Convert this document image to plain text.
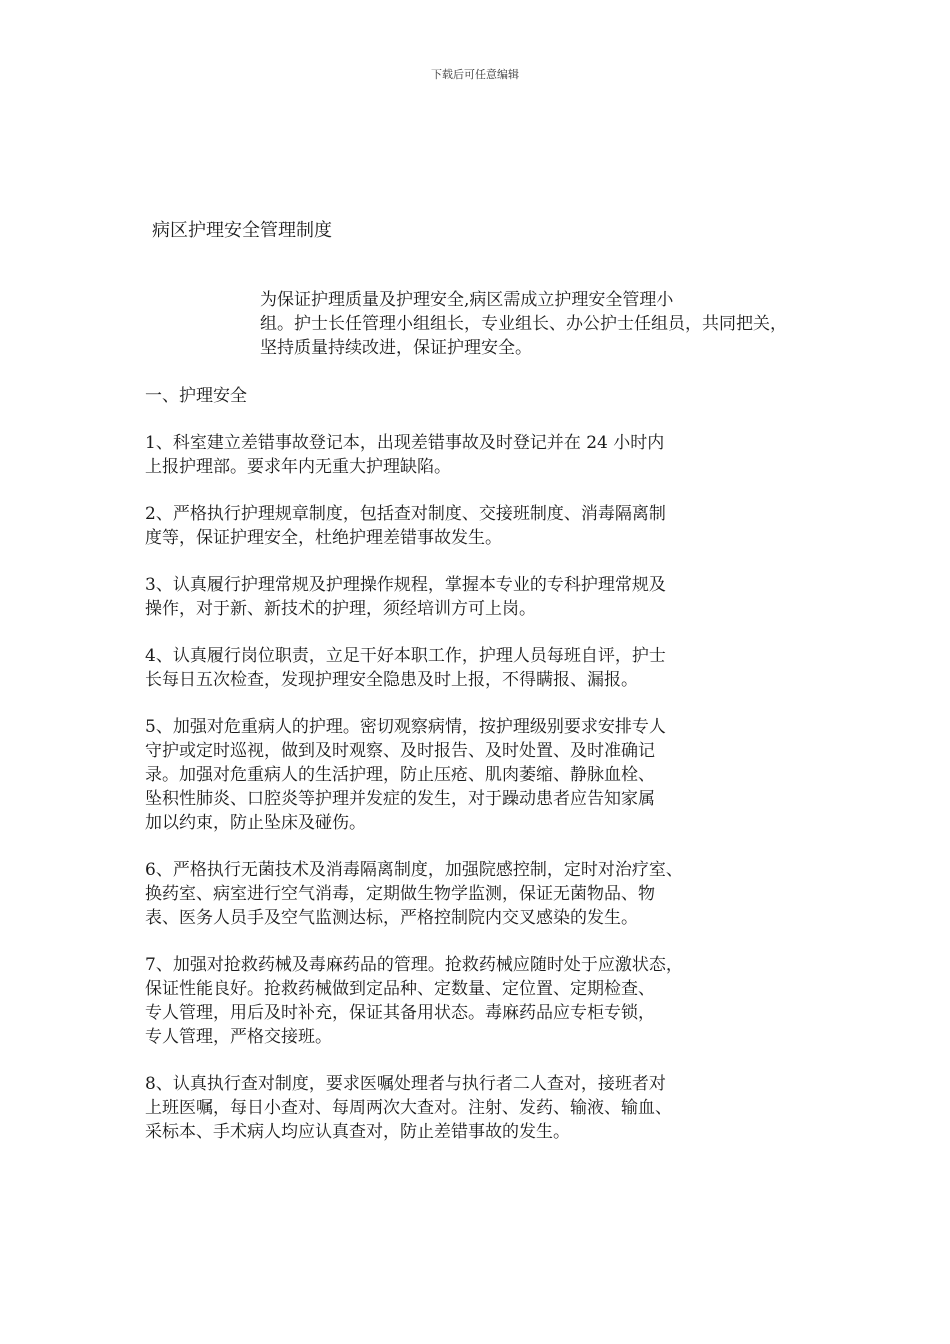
下载后可任意编辑
病区护理安全管理制度

为保证护理质量及护理安全,病区需成立护理安全管理小
组。护士长任管理小组组长，专业组长、办公护士任组员，共同把关，
坚持质量持续改进，保证护理安全。

一、护理安全

1、科室建立差错事故登记本，出现差错事故及时登记并在 24 小时内
上报护理部。要求年内无重大护理缺陷。

2、严格执行护理规章制度，包括查对制度、交接班制度、消毒隔离制
度等，保证护理安全，杜绝护理差错事故发生。

3、认真履行护理常规及护理操作规程，掌握本专业的专科护理常规及
操作，对于新、新技术的护理，须经培训方可上岗。

4、认真履行岗位职责，立足干好本职工作，护理人员每班自评，护士
长每日五次检查，发现护理安全隐患及时上报，不得瞒报、漏报。

5、加强对危重病人的护理。密切观察病情，按护理级别要求安排专人
守护或定时巡视，做到及时观察、及时报告、及时处置、及时准确记
录。加强对危重病人的生活护理，防止压疮、肌肉萎缩、静脉血栓、
坠积性肺炎、口腔炎等护理并发症的发生，对于躁动患者应告知家属
加以约束，防止坠床及碰伤。

6、严格执行无菌技术及消毒隔离制度，加强院感控制，定时对治疗室、
换药室、病室进行空气消毒，定期做生物学监测，保证无菌物品、物
表、医务人员手及空气监测达标，严格控制院内交叉感染的发生。

7、加强对抢救药械及毒麻药品的管理。抢救药械应随时处于应激状态，
保证性能良好。抢救药械做到定品种、定数量、定位置、定期检查、
专人管理，用后及时补充，保证其备用状态。毒麻药品应专柜专锁，
专人管理，严格交接班。

8、认真执行查对制度，要求医嘱处理者与执行者二人查对，接班者对
上班医嘱，每日小查对、每周两次大查对。注射、发药、输液、输血、
采标本、手术病人均应认真查对，防止差错事故的发生。
